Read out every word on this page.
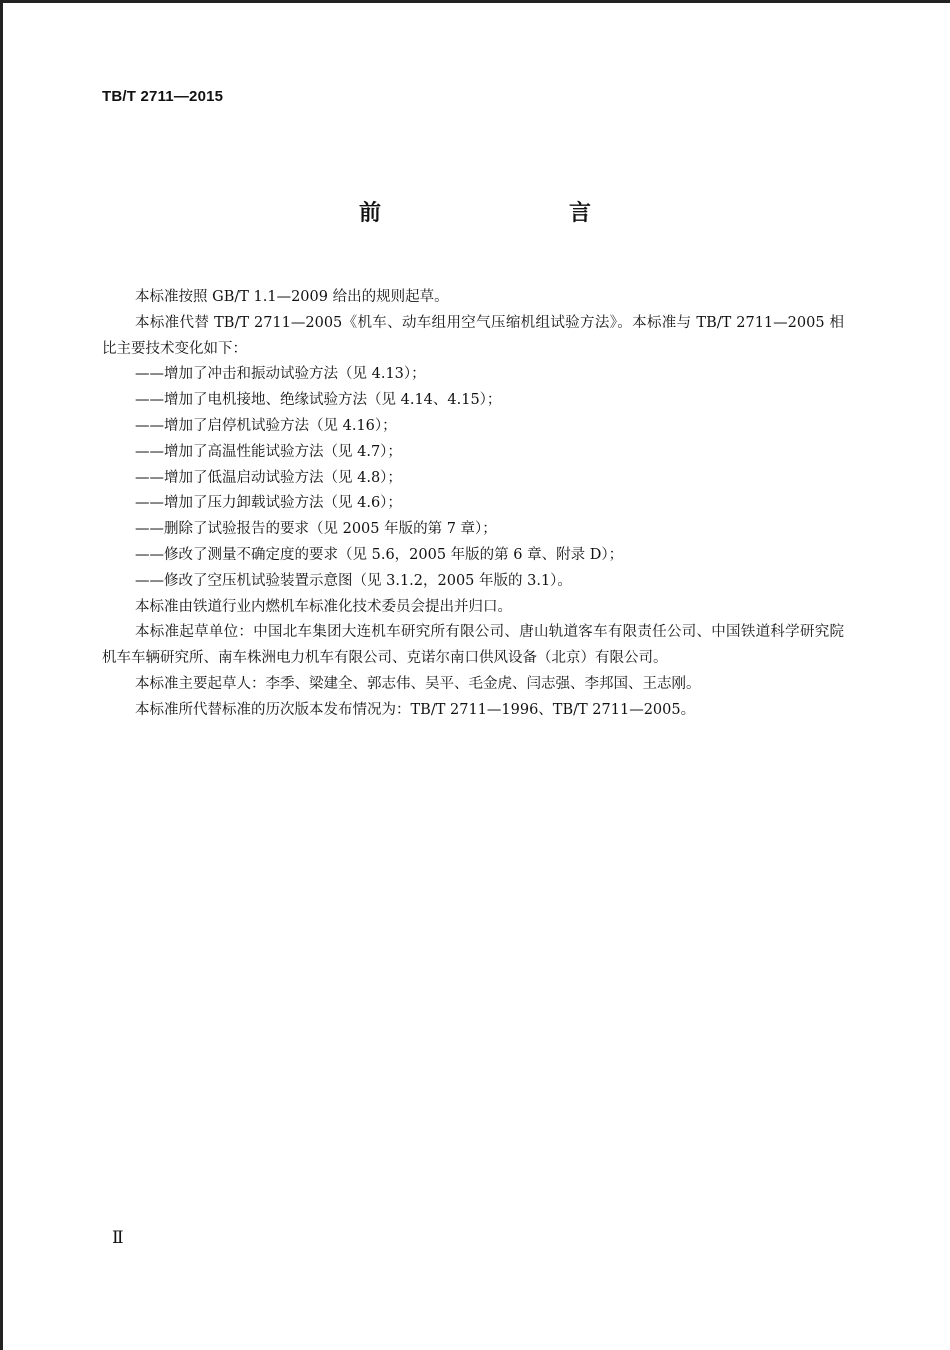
TB/T 2711—2015
前　　言

本标准按照 GB/T 1.1—2009 给出的规则起草。

本标准代替 TB/T 2711—2005《机车、动车组用空气压缩机组试验方法》。本标准与 TB/T 2711—2005 相比主要技术变化如下：

——增加了冲击和振动试验方法（见 4.13）；

——增加了电机接地、绝缘试验方法（见 4.14、4.15）；

——增加了启停机试验方法（见 4.16）；

——增加了高温性能试验方法（见 4.7）；

——增加了低温启动试验方法（见 4.8）；

——增加了压力卸载试验方法（见 4.6）；

——删除了试验报告的要求（见 2005 年版的第 7 章）；

——修改了测量不确定度的要求（见 5.6，2005 年版的第 6 章、附录 D）；

——修改了空压机试验装置示意图（见 3.1.2，2005 年版的 3.1）。

本标准由铁道行业内燃机车标准化技术委员会提出并归口。

本标准起草单位：中国北车集团大连机车研究所有限公司、唐山轨道客车有限责任公司、中国铁道科学研究院机车车辆研究所、南车株洲电力机车有限公司、克诺尔南口供风设备（北京）有限公司。

本标准主要起草人：李季、梁建全、郭志伟、吴平、毛金虎、闫志强、李邦国、王志刚。

本标准所代替标准的历次版本发布情况为：TB/T 2711—1996、TB/T 2711—2005。

Ⅱ
